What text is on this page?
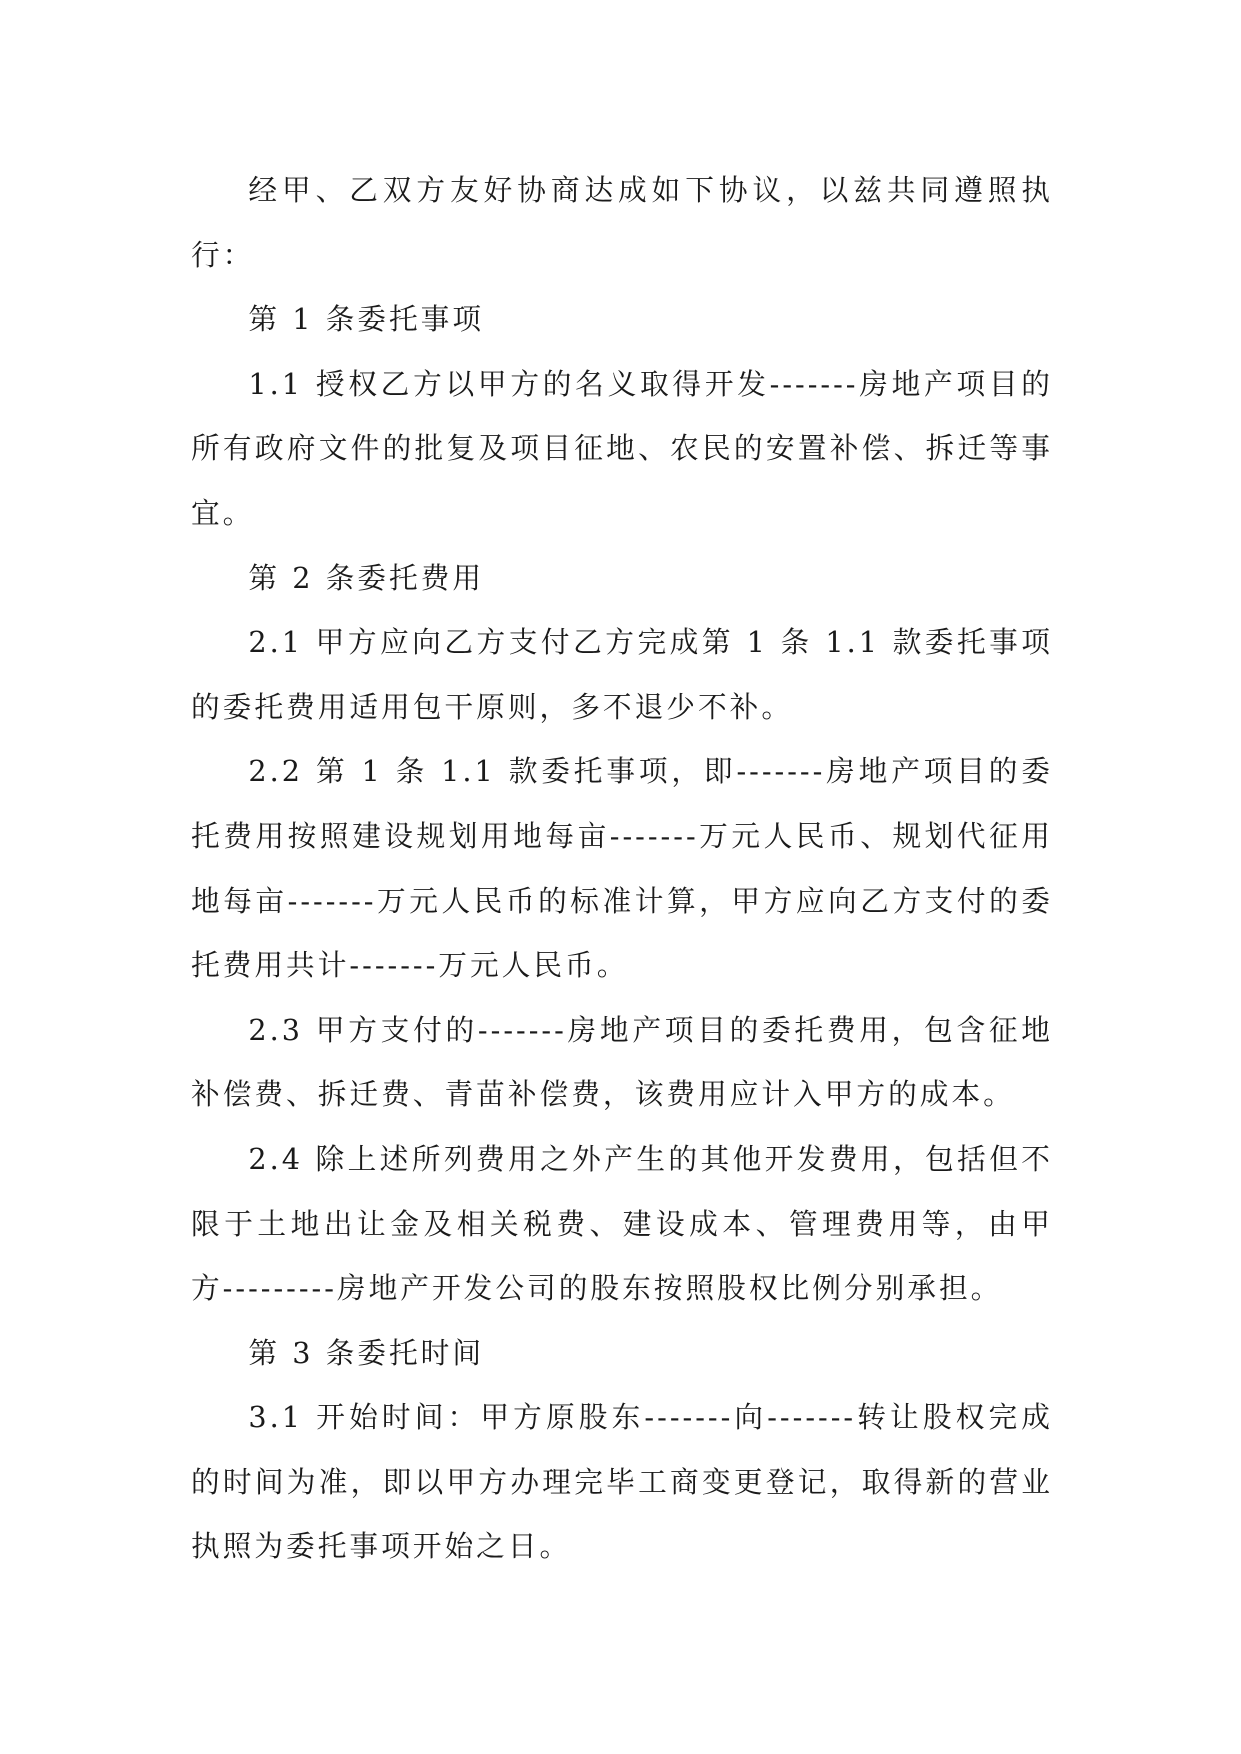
经甲、乙双方友好协商达成如下协议，以兹共同遵照执行：

第 1 条委托事项

1.1 授权乙方以甲方的名义取得开发-------房地产项目的所有政府文件的批复及项目征地、农民的安置补偿、拆迁等事宜。

第 2 条委托费用

2.1 甲方应向乙方支付乙方完成第 1 条 1.1 款委托事项的委托费用适用包干原则，多不退少不补。

2.2 第 1 条 1.1 款委托事项，即-------房地产项目的委托费用按照建设规划用地每亩-------万元人民币、规划代征用地每亩-------万元人民币的标准计算，甲方应向乙方支付的委托费用共计-------万元人民币。

2.3 甲方支付的-------房地产项目的委托费用，包含征地补偿费、拆迁费、青苗补偿费，该费用应计入甲方的成本。

2.4 除上述所列费用之外产生的其他开发费用，包括但不限于土地出让金及相关税费、建设成本、管理费用等，由甲方---------房地产开发公司的股东按照股权比例分别承担。

第 3 条委托时间

3.1 开始时间：甲方原股东-------向-------转让股权完成的时间为准，即以甲方办理完毕工商变更登记，取得新的营业执照为委托事项开始之日。
